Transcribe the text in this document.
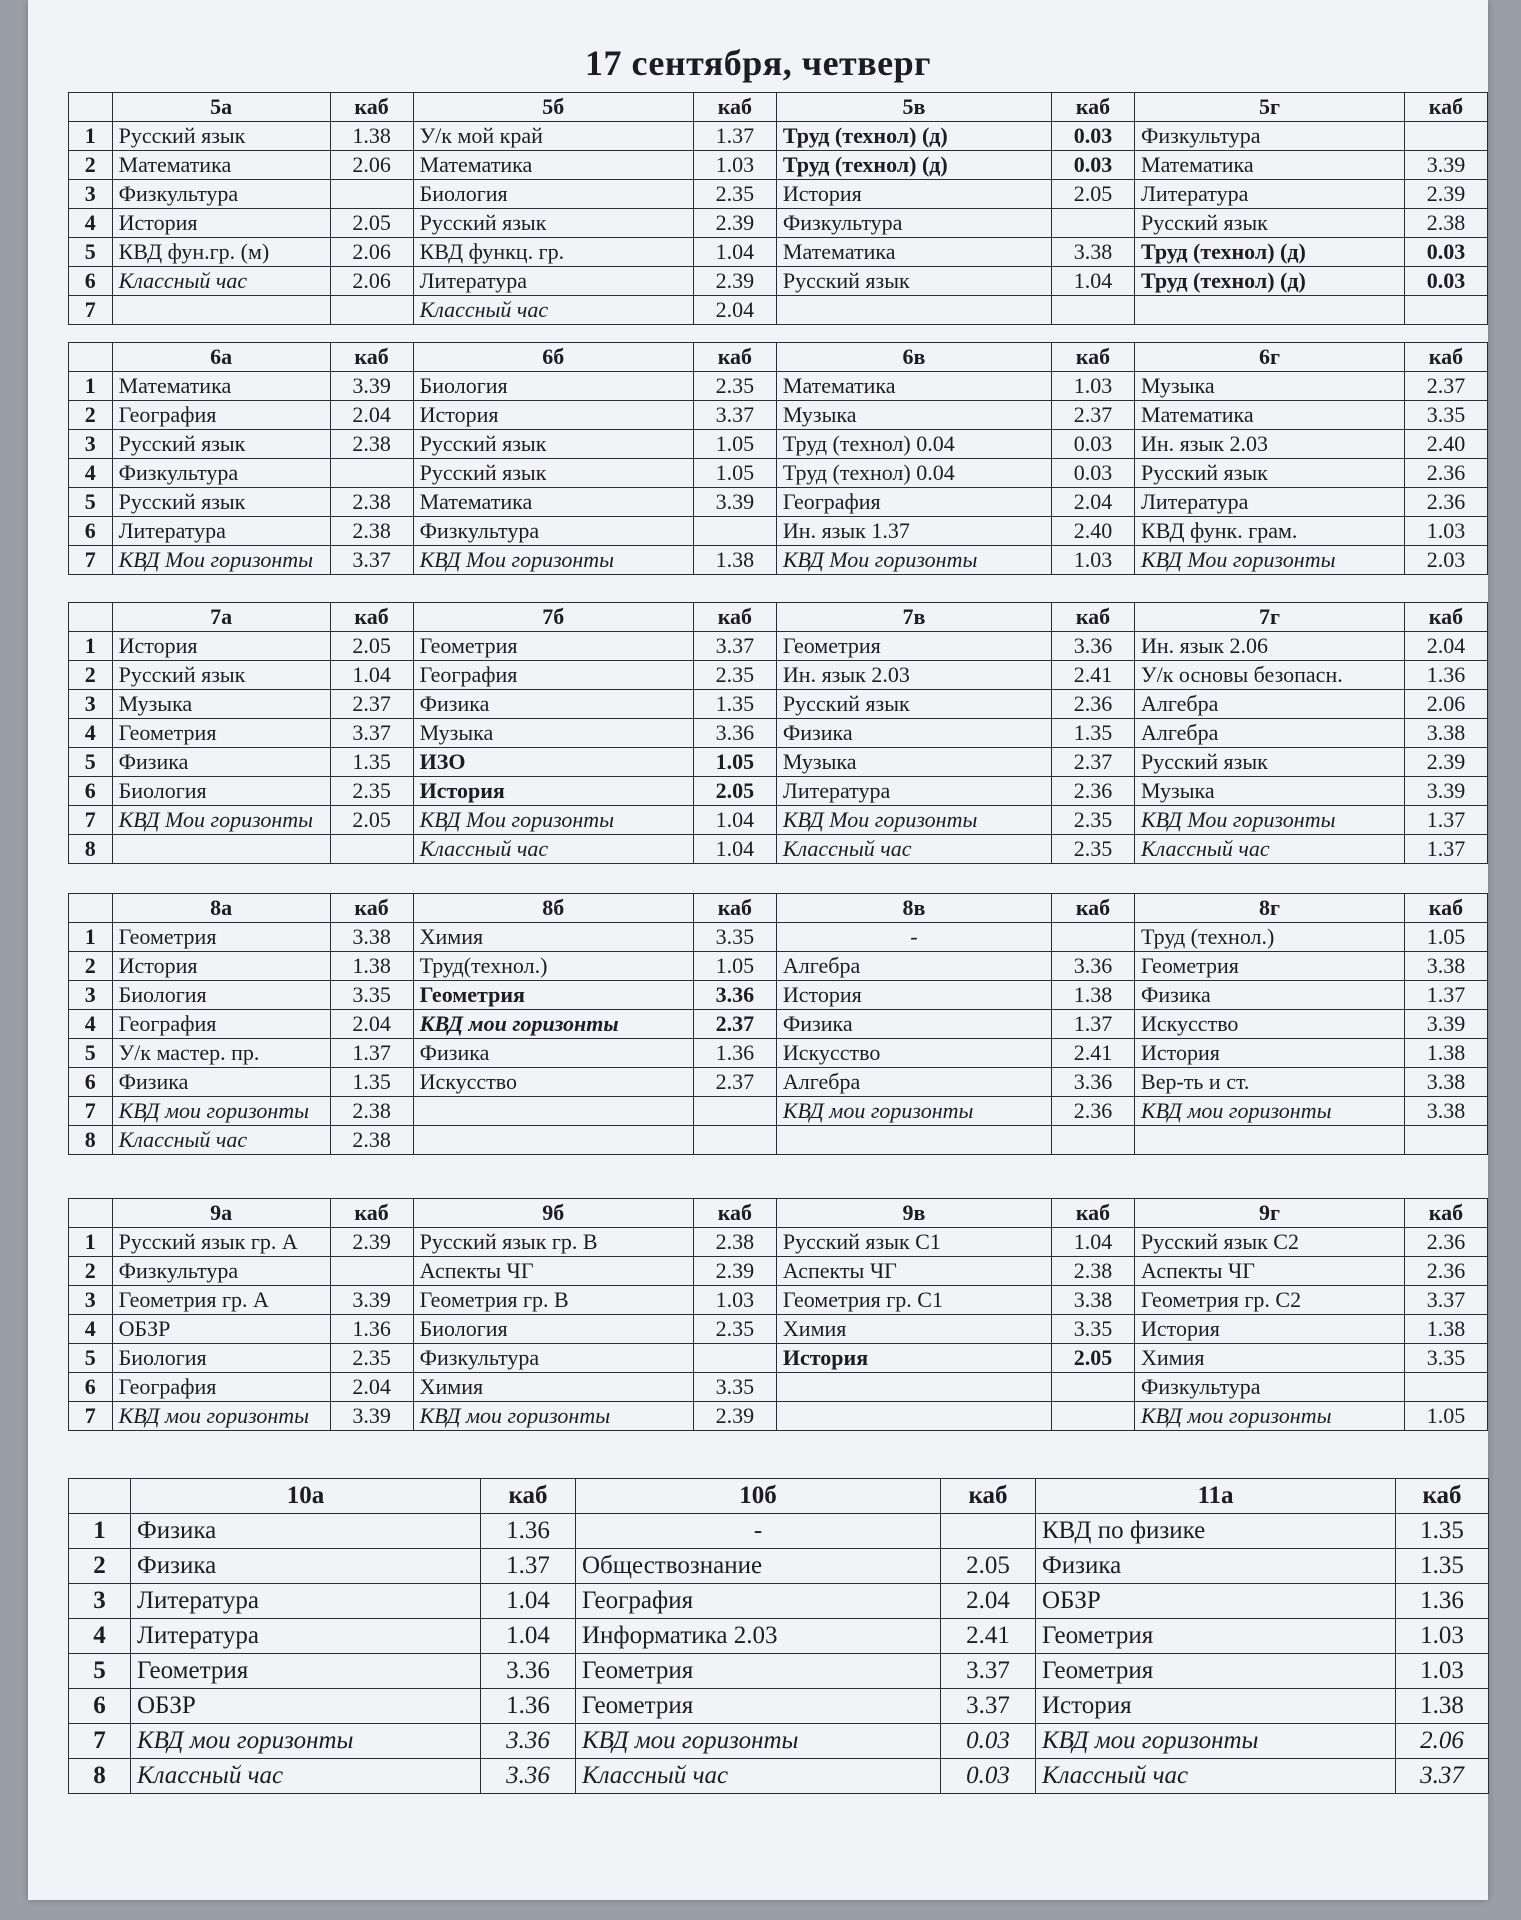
17 сентября, четверг
	5а	каб	5б	каб	5в	каб	5г	каб
1	Русский язык	1.38	У/к мой край	1.37	Труд (технол) (д)	0.03	Физкультура	
2	Математика	2.06	Математика	1.03	Труд (технол) (д)	0.03	Математика	3.39
3	Физкультура		Биология	2.35	История	2.05	Литература	2.39
4	История	2.05	Русский язык	2.39	Физкультура		Русский язык	2.38
5	КВД фун.гр. (м)	2.06	КВД функц. гр.	1.04	Математика	3.38	Труд (технол) (д)	0.03
6	Классный час	2.06	Литература	2.39	Русский язык	1.04	Труд (технол) (д)	0.03
7			Классный час	2.04				
	6а	каб	6б	каб	6в	каб	6г	каб
1	Математика	3.39	Биология	2.35	Математика	1.03	Музыка	2.37
2	География	2.04	История	3.37	Музыка	2.37	Математика	3.35
3	Русский язык	2.38	Русский язык	1.05	Труд (технол) 0.04	0.03	Ин. язык 2.03	2.40
4	Физкультура		Русский язык	1.05	Труд (технол) 0.04	0.03	Русский язык	2.36
5	Русский язык	2.38	Математика	3.39	География	2.04	Литература	2.36
6	Литература	2.38	Физкультура		Ин. язык 1.37	2.40	КВД функ. грам.	1.03
7	КВД Мои горизонты	3.37	КВД Мои горизонты	1.38	КВД Мои горизонты	1.03	КВД Мои горизонты	2.03
	7а	каб	7б	каб	7в	каб	7г	каб
1	История	2.05	Геометрия	3.37	Геометрия	3.36	Ин. язык 2.06	2.04
2	Русский язык	1.04	География	2.35	Ин. язык 2.03	2.41	У/к основы безопасн.	1.36
3	Музыка	2.37	Физика	1.35	Русский язык	2.36	Алгебра	2.06
4	Геометрия	3.37	Музыка	3.36	Физика	1.35	Алгебра	3.38
5	Физика	1.35	ИЗО	1.05	Музыка	2.37	Русский язык	2.39
6	Биология	2.35	История	2.05	Литература	2.36	Музыка	3.39
7	КВД Мои горизонты	2.05	КВД Мои горизонты	1.04	КВД Мои горизонты	2.35	КВД Мои горизонты	1.37
8			Классный час	1.04	Классный час	2.35	Классный час	1.37
	8а	каб	8б	каб	8в	каб	8г	каб
1	Геометрия	3.38	Химия	3.35	-		Труд (технол.)	1.05
2	История	1.38	Труд(технол.)	1.05	Алгебра	3.36	Геометрия	3.38
3	Биология	3.35	Геометрия	3.36	История	1.38	Физика	1.37
4	География	2.04	КВД мои горизонты	2.37	Физика	1.37	Искусство	3.39
5	У/к мастер. пр.	1.37	Физика	1.36	Искусство	2.41	История	1.38
6	Физика	1.35	Искусство	2.37	Алгебра	3.36	Вер-ть и ст.	3.38
7	КВД мои горизонты	2.38			КВД мои горизонты	2.36	КВД мои горизонты	3.38
8	Классный час	2.38						
	9а	каб	9б	каб	9в	каб	9г	каб
1	Русский язык гр. А	2.39	Русский язык гр. В	2.38	Русский язык С1	1.04	Русский язык С2	2.36
2	Физкультура		Аспекты ЧГ	2.39	Аспекты ЧГ	2.38	Аспекты ЧГ	2.36
3	Геометрия гр. А	3.39	Геометрия гр. В	1.03	Геометрия гр. С1	3.38	Геометрия гр. С2	3.37
4	ОБЗР	1.36	Биология	2.35	Химия	3.35	История	1.38
5	Биология	2.35	Физкультура		История	2.05	Химия	3.35
6	География	2.04	Химия	3.35			Физкультура	
7	КВД мои горизонты	3.39	КВД мои горизонты	2.39			КВД мои горизонты	1.05
	10а	каб	10б	каб	11а	каб
1	Физика	1.36	-		КВД по физике	1.35
2	Физика	1.37	Обществознание	2.05	Физика	1.35
3	Литература	1.04	География	2.04	ОБЗР	1.36
4	Литература	1.04	Информатика 2.03	2.41	Геометрия	1.03
5	Геометрия	3.36	Геометрия	3.37	Геометрия	1.03
6	ОБЗР	1.36	Геометрия	3.37	История	1.38
7	КВД мои горизонты	3.36	КВД мои горизонты	0.03	КВД мои горизонты	2.06
8	Классный час	3.36	Классный час	0.03	Классный час	3.37
